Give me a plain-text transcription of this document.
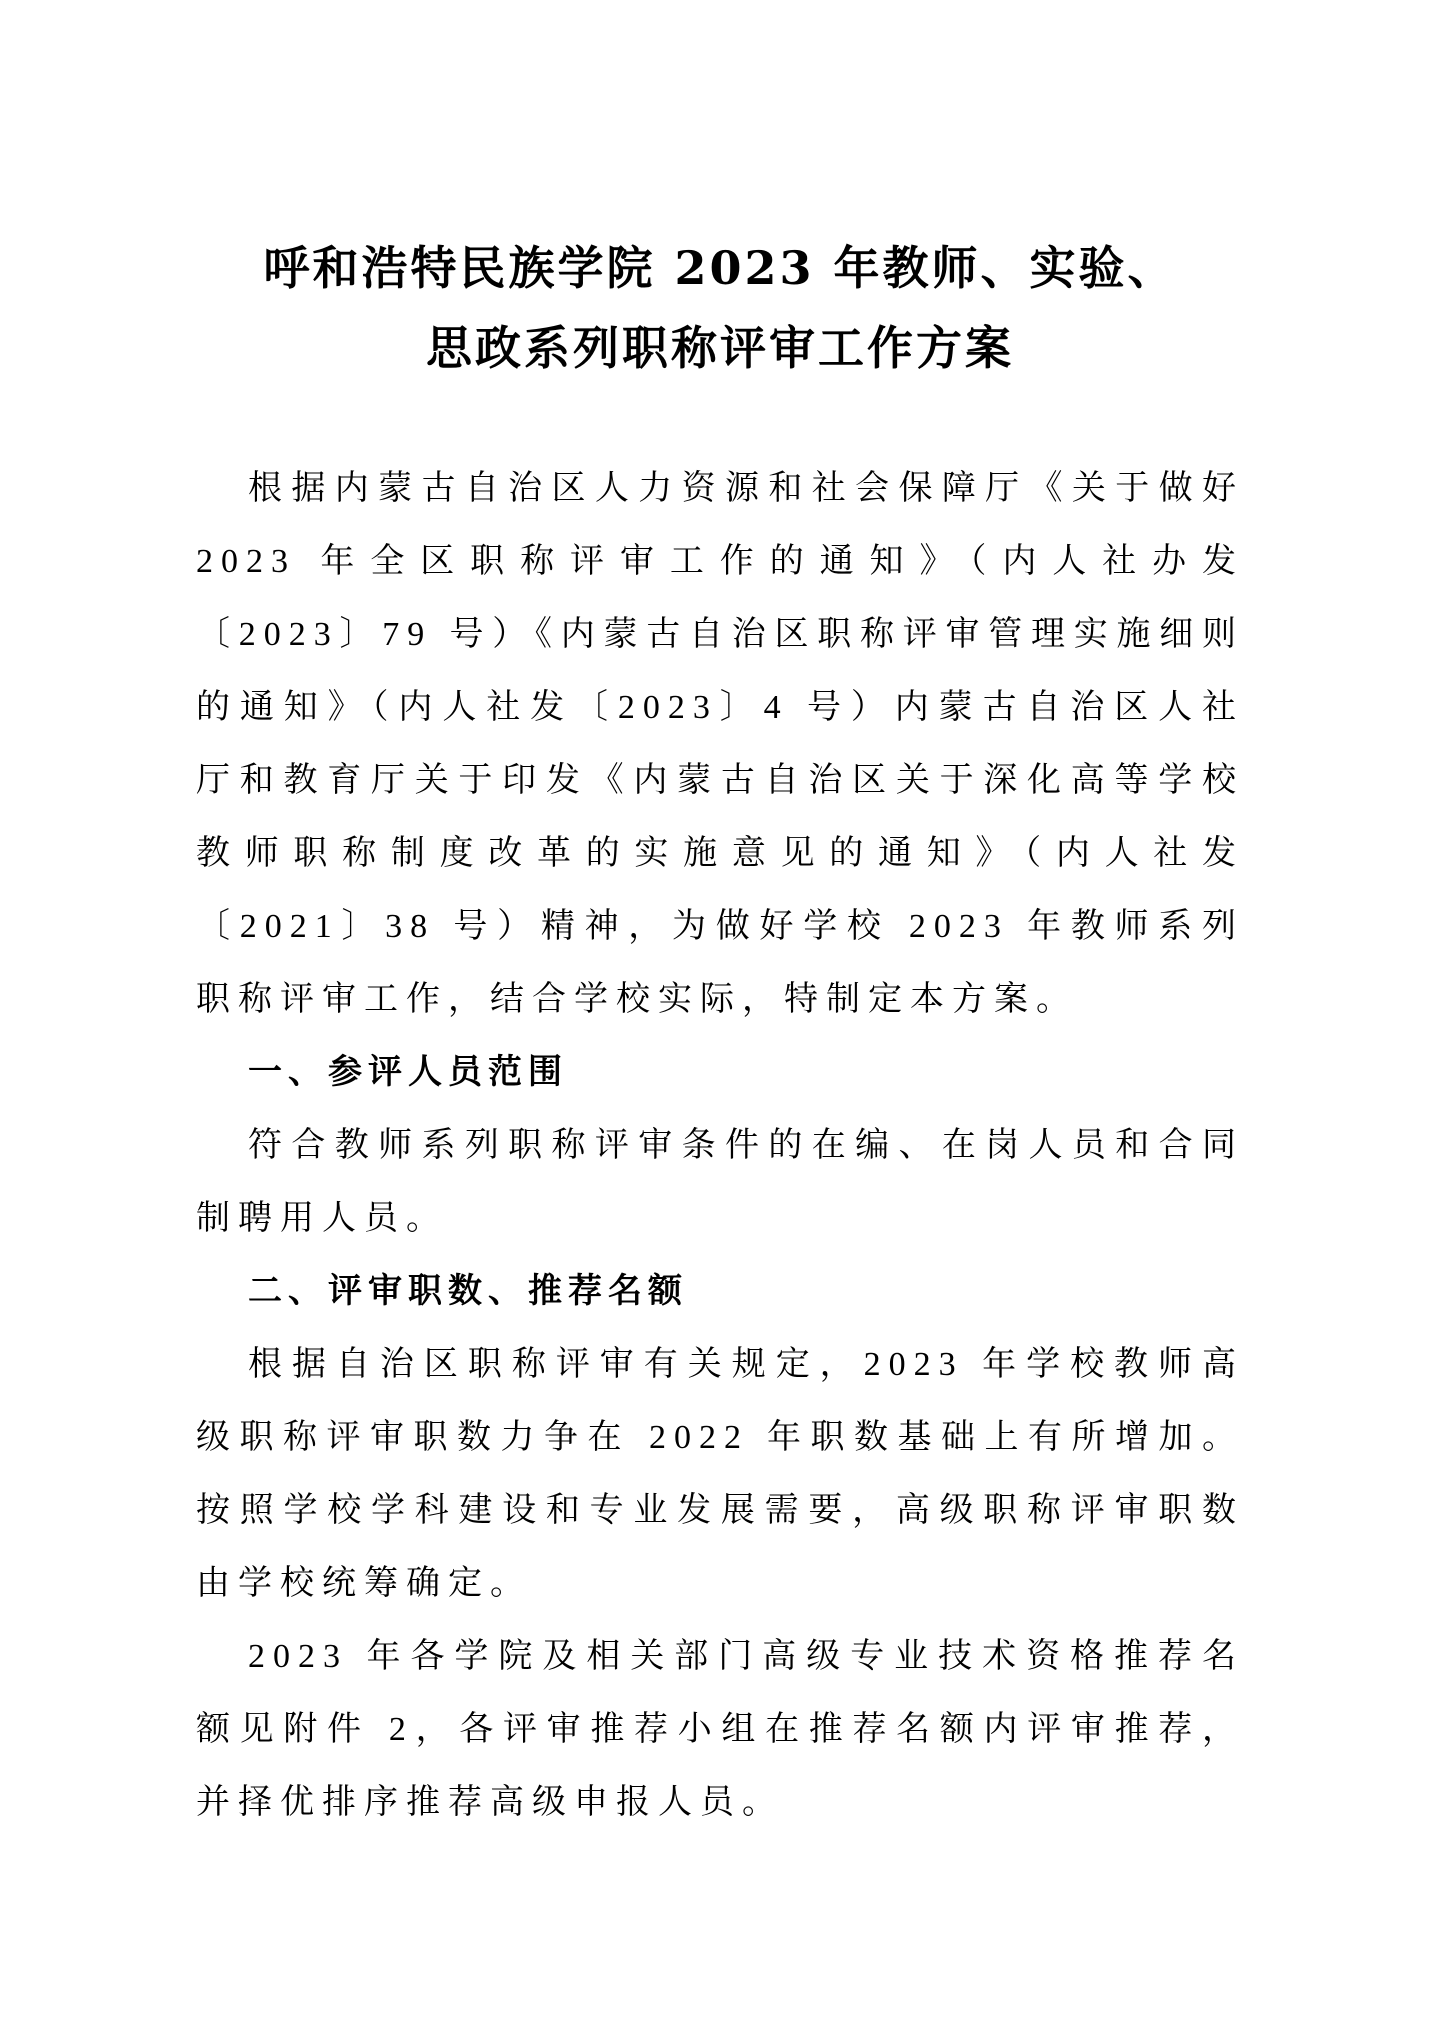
呼和浩特民族学院 2023 年教师、实验、
思政系列职称评审工作方案

根据内蒙古自治区人力资源和社会保障厅《关于做好 2023 年全区职称评审工作的通知》（内人社办发〔2023〕79 号）《内蒙古自治区职称评审管理实施细则的通知》（内人社发〔2023〕4 号）内蒙古自治区人社厅和教育厅关于印发《内蒙古自治区关于深化高等学校教师职称制度改革的实施意见的通知》（内人社发〔2021〕38 号）精神，为做好学校 2023 年教师系列职称评审工作，结合学校实际，特制定本方案。

一、参评人员范围

符合教师系列职称评审条件的在编、在岗人员和合同制聘用人员。

二、评审职数、推荐名额

根据自治区职称评审有关规定，2023 年学校教师高级职称评审职数力争在 2022 年职数基础上有所增加。按照学校学科建设和专业发展需要，高级职称评审职数由学校统筹确定。

2023 年各学院及相关部门高级专业技术资格推荐名额见附件 2，各评审推荐小组在推荐名额内评审推荐，并择优排序推荐高级申报人员。
